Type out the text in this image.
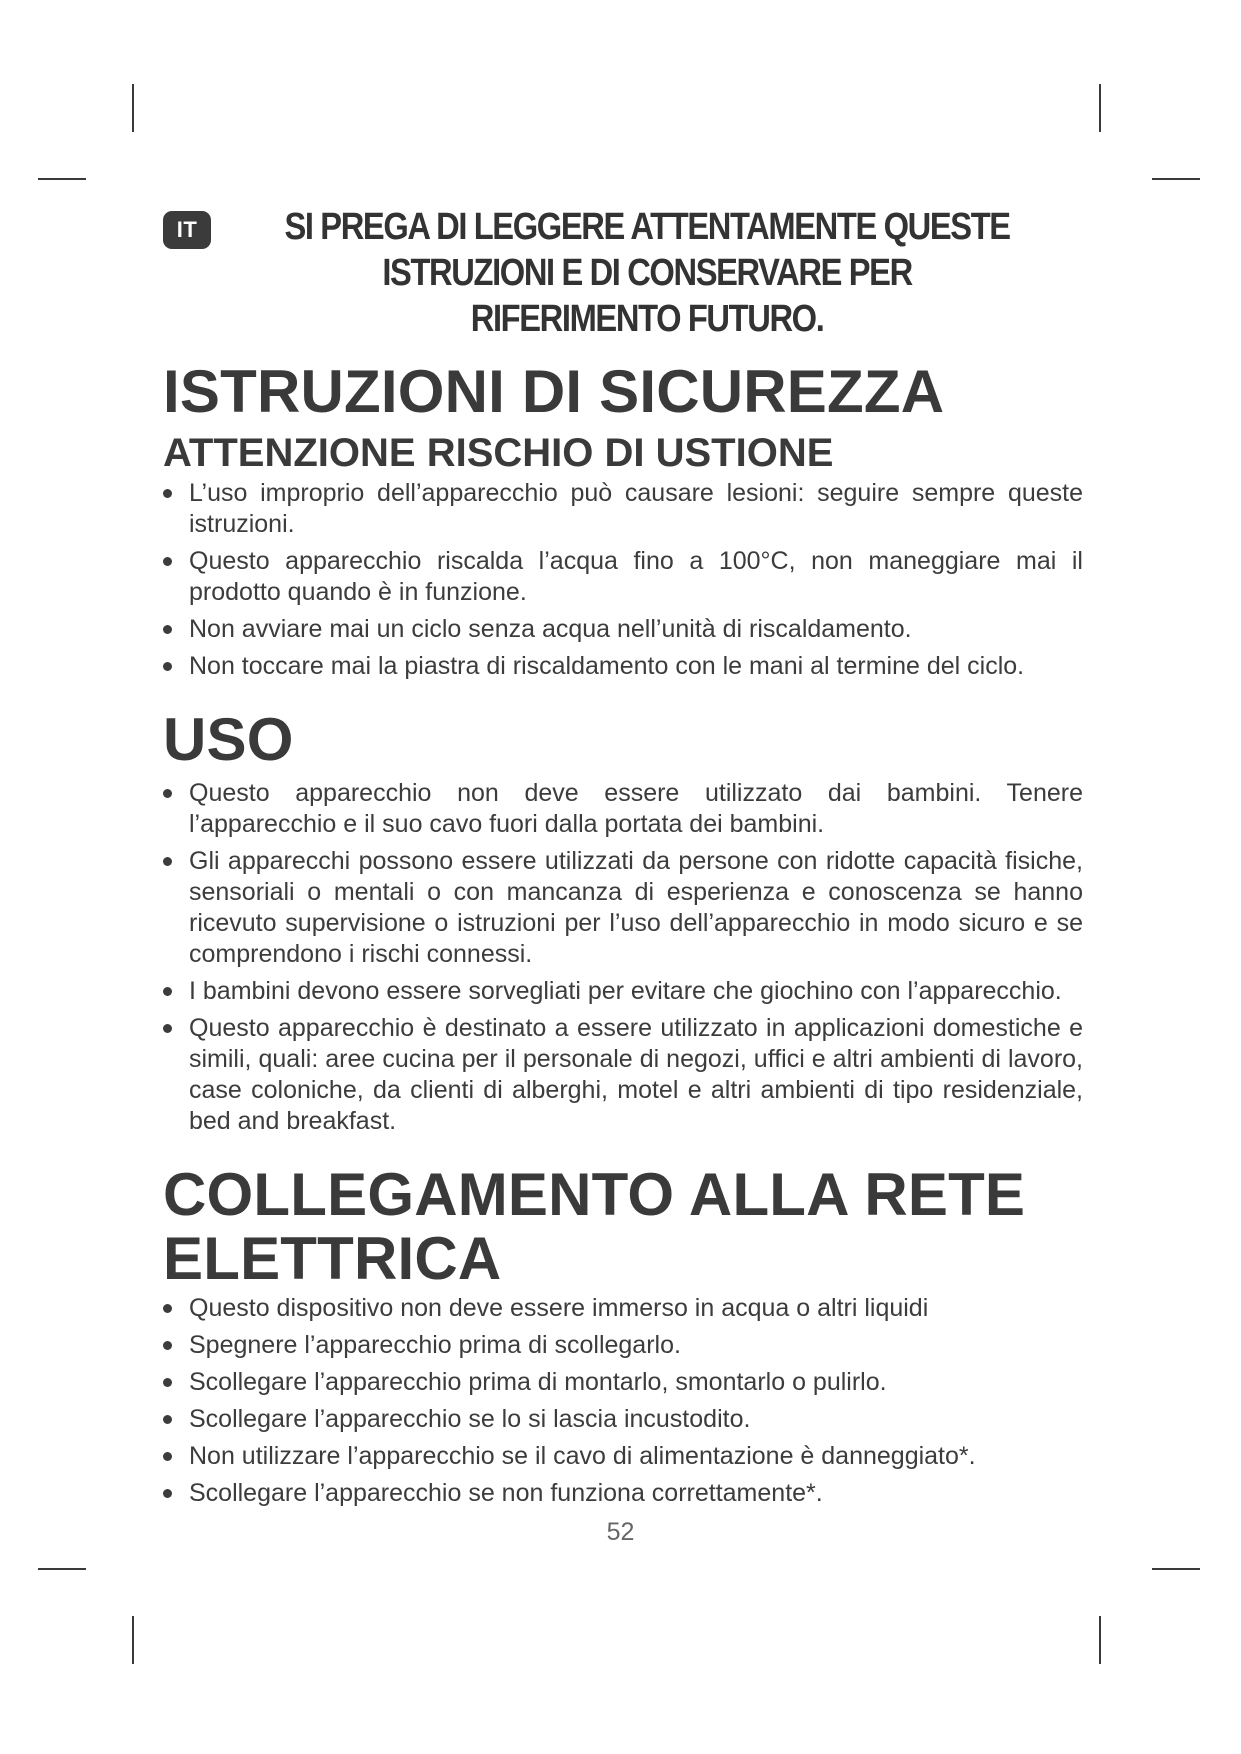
IT	SI PREGA DI LEGGERE ATTENTAMENTE QUESTE
ISTRUZIONI E DI CONSERVARE PER
RIFERIMENTO FUTURO.
ISTRUZIONI DI SICUREZZA
ATTENZIONE RISCHIO DI USTIONE
L’uso improprio dell’apparecchio può causare lesioni: seguire sempre queste istruzioni.
Questo apparecchio riscalda l’acqua fino a 100°C, non maneggiare mai il prodotto quando è in funzione.
Non avviare mai un ciclo senza acqua nell’unità di riscaldamento.
Non toccare mai la piastra di riscaldamento con le mani al termine del ciclo.
USO
Questo apparecchio non deve essere utilizzato dai bambini. Tenere l’apparecchio e il suo cavo fuori dalla portata dei bambini.
Gli apparecchi possono essere utilizzati da persone con ridotte capacità fisiche, sensoriali o mentali o con mancanza di esperienza e conoscenza se hanno ricevuto supervisione o istruzioni per l’uso dell’apparecchio in modo sicuro e se comprendono i rischi connessi.
I bambini devono essere sorvegliati per evitare che giochino con l’apparecchio.
Questo apparecchio è destinato a essere utilizzato in applicazioni domestiche e simili, quali: aree cucina per il personale di negozi, uffici e altri ambienti di lavoro, case coloniche, da clienti di alberghi, motel e altri ambienti di tipo residenziale, bed and breakfast.
COLLEGAMENTO ALLA RETE
ELETTRICA
Questo dispositivo non deve essere immerso in acqua o altri liquidi
Spegnere l’apparecchio prima di scollegarlo.
Scollegare l’apparecchio prima di montarlo, smontarlo o pulirlo.
Scollegare l’apparecchio se lo si lascia incustodito.
Non utilizzare l’apparecchio se il cavo di alimentazione è danneggiato*.
Scollegare l’apparecchio se non funziona correttamente*.
52
